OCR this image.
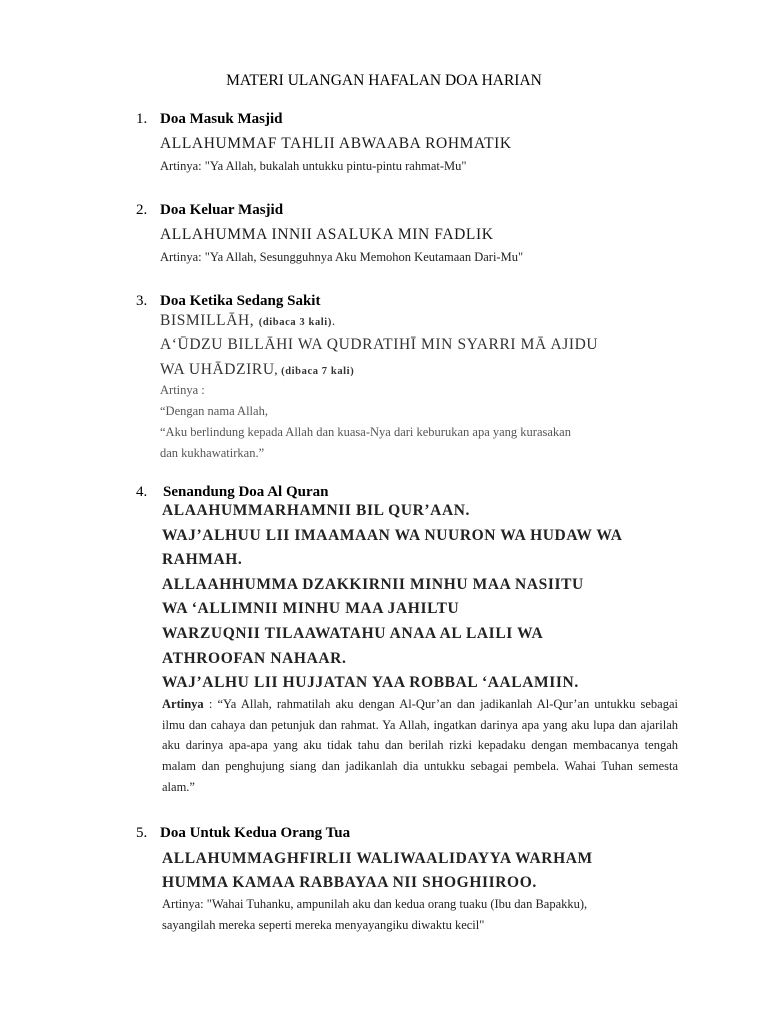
MATERI ULANGAN HAFALAN DOA HARIAN
1. Doa Masuk Masjid
ALLAHUMMAF TAHLII ABWAABA ROHMATIK
Artinya: "Ya Allah, bukalah untukku pintu-pintu rahmat-Mu"
2. Doa Keluar Masjid
ALLAHUMMA INNII ASALUKA MIN FADLIK
Artinya: "Ya Allah, Sesungguhnya Aku Memohon Keutamaan Dari-Mu"
3. Doa Ketika Sedang Sakit
BISMILLĀH, (dibaca 3 kali).
A‘ŪDZU BILLĀHI WA QUDRATIHĪ MIN SYARRI MĀ AJIDU
WA UHĀDZIRU, (dibaca 7 kali)
Artinya :
“Dengan nama Allah,
“Aku berlindung kepada Allah dan kuasa-Nya dari keburukan apa yang kurasakan
dan kukhawatirkan.”
4. Senandung Doa Al Quran
ALAAHUMMARHAMNII BIL QUR’AAN.
WAJ’ALHUU LII IMAAMAAN WA NUURON WA HUDAW WA
RAHMAH.
ALLAAHHUMMA DZAKKIRNII MINHU MAA NASIITU
WA ‘ALLIMNII MINHU MAA JAHILTU
WARZUQNII TILAAWATAHU ANAA AL LAILI WA
ATHROOFAN NAHAAR.
WAJ’ALHU LII HUJJATAN YAA ROBBAL ‘AALAMIIN.
Artinya : “Ya Allah, rahmatilah aku dengan Al-Qur’an dan jadikanlah Al-Qur’an untukku sebagai ilmu dan cahaya dan petunjuk dan rahmat. Ya Allah, ingatkan darinya apa yang aku lupa dan ajarilah aku darinya apa-apa yang aku tidak tahu dan berilah rizki kepadaku dengan membacanya tengah malam dan penghujung siang dan jadikanlah dia untukku sebagai pembela. Wahai Tuhan semesta alam.”
5. Doa Untuk Kedua Orang Tua
ALLAHUMMAGHFIRLII WALIWAALIDAYYA WARHAM
HUMMA KAMAA RABBAYAA NII SHOGHIIROO.
Artinya: "Wahai Tuhanku, ampunilah aku dan kedua orang tuaku (Ibu dan Bapakku),
sayangilah mereka seperti mereka menyayangiku diwaktu kecil"
